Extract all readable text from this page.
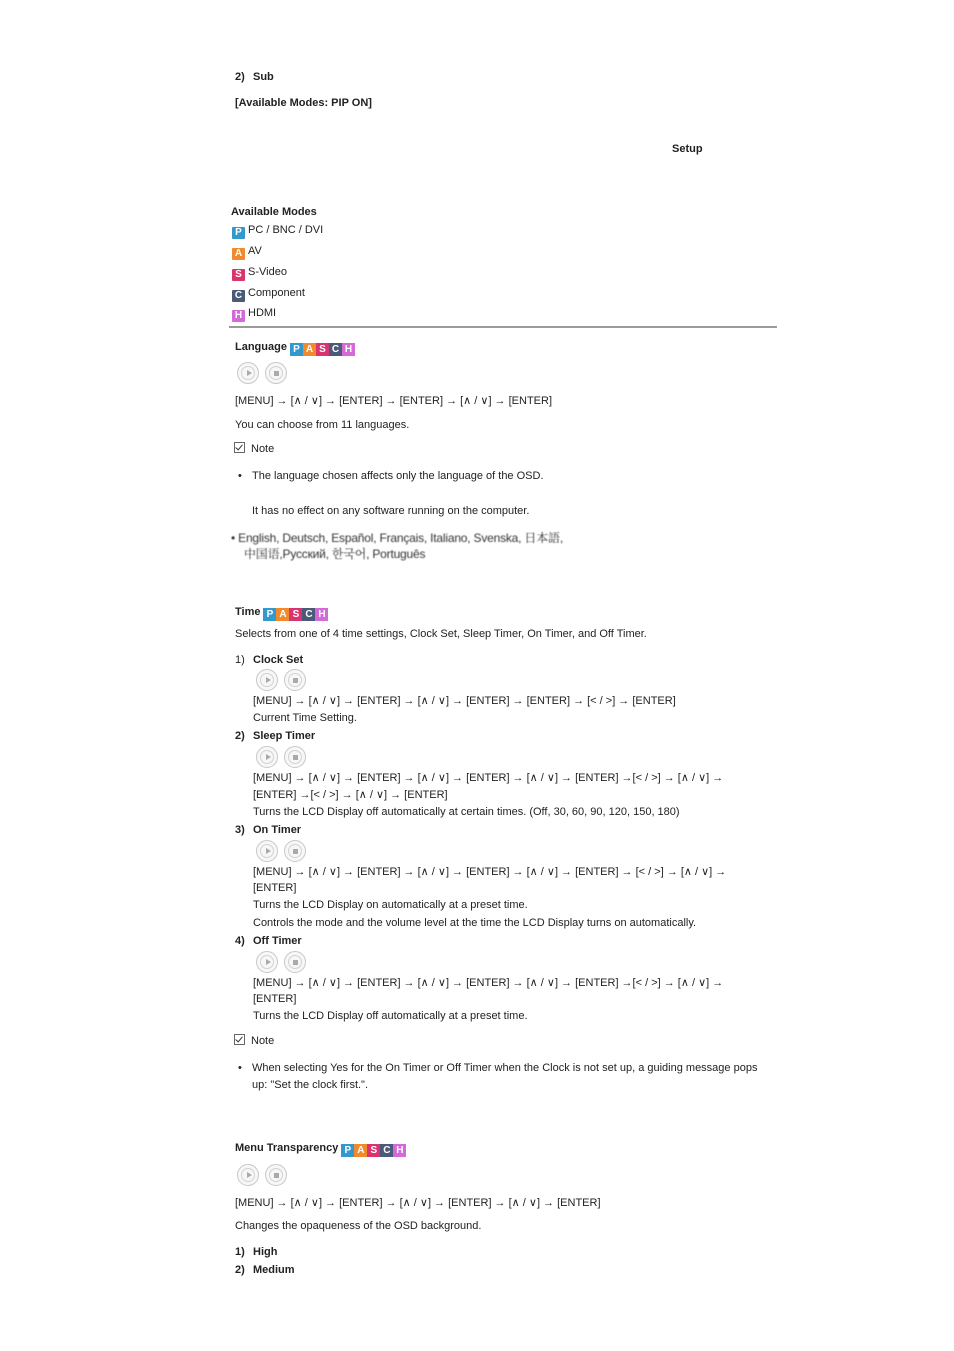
2) Sub
[Available Modes: PIP ON]
Setup
Available Modes
P PC / BNC / DVI
A AV
S S-Video
C Component
H HDMI
Language P A S C H
[MENU] → [∧ / ∨] → [ENTER] → [ENTER] → [∧ / ∨] → [ENTER]
You can choose from 11 languages.
Note
• The language chosen affects only the language of the OSD.
It has no effect on any software running on the computer.
• English, Deutsch, Español, Français, Italiano, Svenska, 日本語,
中国语,Русский, 한국어, Português
Time P A S C H
Selects from one of 4 time settings, Clock Set, Sleep Timer, On Timer, and Off Timer.
1) Clock Set
[MENU] → [∧ / ∨] → [ENTER] → [∧ / ∨] → [ENTER] → [ENTER] → [< / >] → [ENTER]
Current Time Setting.
2) Sleep Timer
[MENU] → [∧ / ∨] → [ENTER] → [∧ / ∨] → [ENTER] → [∧ / ∨] → [ENTER] →[< / >] → [∧ / ∨] →
[ENTER] →[< / >] → [∧ / ∨] → [ENTER]
Turns the LCD Display off automatically at certain times. (Off, 30, 60, 90, 120, 150, 180)
3) On Timer
[MENU] → [∧ / ∨] → [ENTER] → [∧ / ∨] → [ENTER] → [∧ / ∨] → [ENTER] → [< / >] → [∧ / ∨] →
[ENTER]
Turns the LCD Display on automatically at a preset time.
Controls the mode and the volume level at the time the LCD Display turns on automatically.
4) Off Timer
[MENU] → [∧ / ∨] → [ENTER] → [∧ / ∨] → [ENTER] → [∧ / ∨] → [ENTER] →[< / >] → [∧ / ∨] →
[ENTER]
Turns the LCD Display off automatically at a preset time.
Note
• When selecting Yes for the On Timer or Off Timer when the Clock is not set up, a guiding message pops
up: "Set the clock first.".
Menu Transparency P A S C H
[MENU] → [∧ / ∨] → [ENTER] → [∧ / ∨] → [ENTER] → [∧ / ∨] → [ENTER]
Changes the opaqueness of the OSD background.
1) High
2) Medium
